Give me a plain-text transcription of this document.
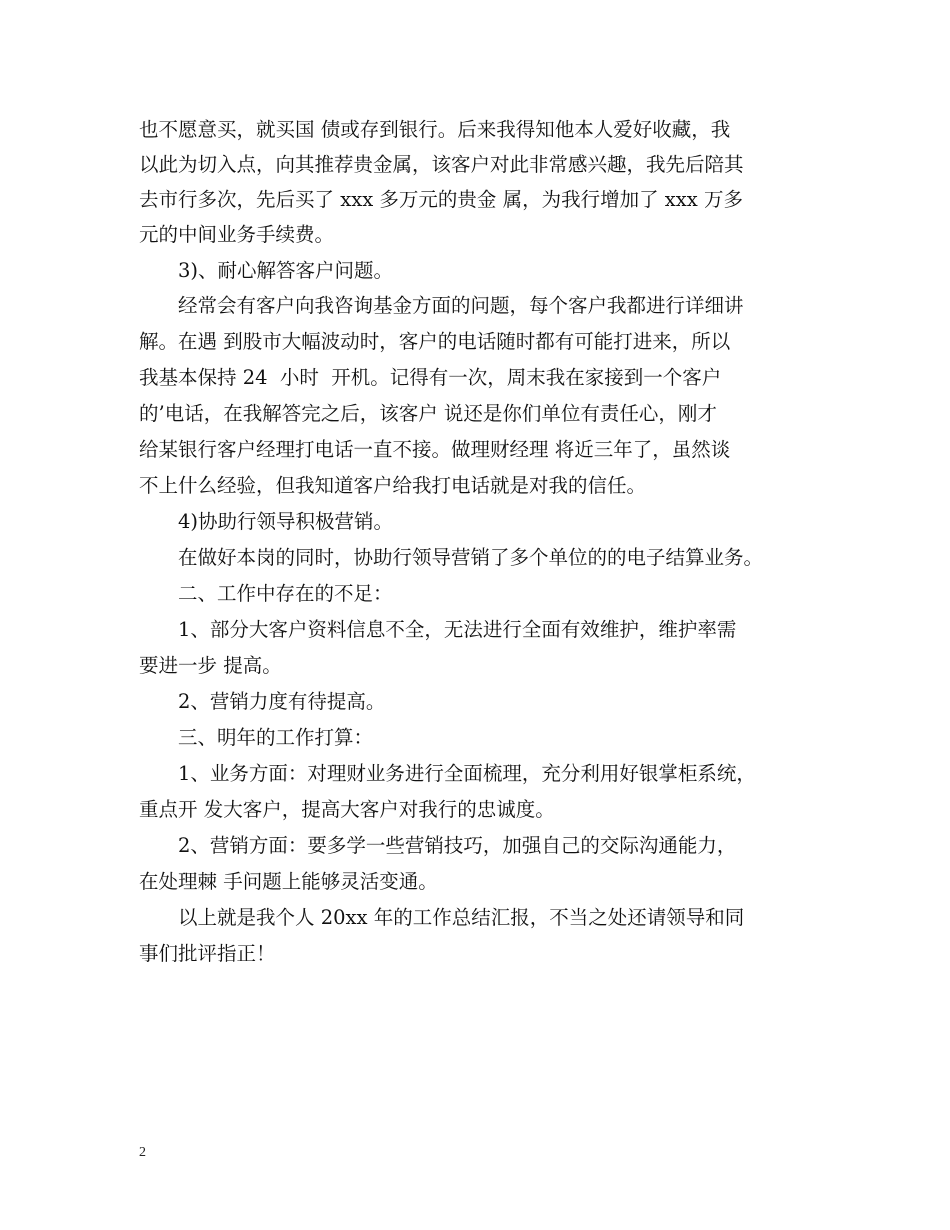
也不愿意买，就买国 债或存到银行。后来我得知他本人爱好收藏，我
以此为切入点，向其推荐贵金属，该客户对此非常感兴趣，我先后陪其
去市行多次，先后买了 xxx 多万元的贵金 属，为我行增加了 xxx 万多
元的中间业务手续费。
3)、耐心解答客户问题。
经常会有客户向我咨询基金方面的问题，每个客户我都进行详细讲
解。在遇 到股市大幅波动时，客户的电话随时都有可能打进来，所以
我基本保持 24  小时  开机。记得有一次，周末我在家接到一个客户
的’电话，在我解答完之后，该客户 说还是你们单位有责任心，刚才
给某银行客户经理打电话一直不接。做理财经理 将近三年了，虽然谈
不上什么经验，但我知道客户给我打电话就是对我的信任。
4)协助行领导积极营销。
在做好本岗的同时，协助行领导营销了多个单位的的电子结算业务。
二、工作中存在的不足：
1、部分大客户资料信息不全，无法进行全面有效维护，维护率需
要进一步 提高。
2、营销力度有待提高。
三、明年的工作打算：
1、业务方面：对理财业务进行全面梳理，充分利用好银掌柜系统，
重点开 发大客户，提高大客户对我行的忠诚度。
2、营销方面：要多学一些营销技巧，加强自己的交际沟通能力，
在处理棘 手问题上能够灵活变通。
以上就是我个人 20xx 年的工作总结汇报，不当之处还请领导和同
事们批评指正！
2
